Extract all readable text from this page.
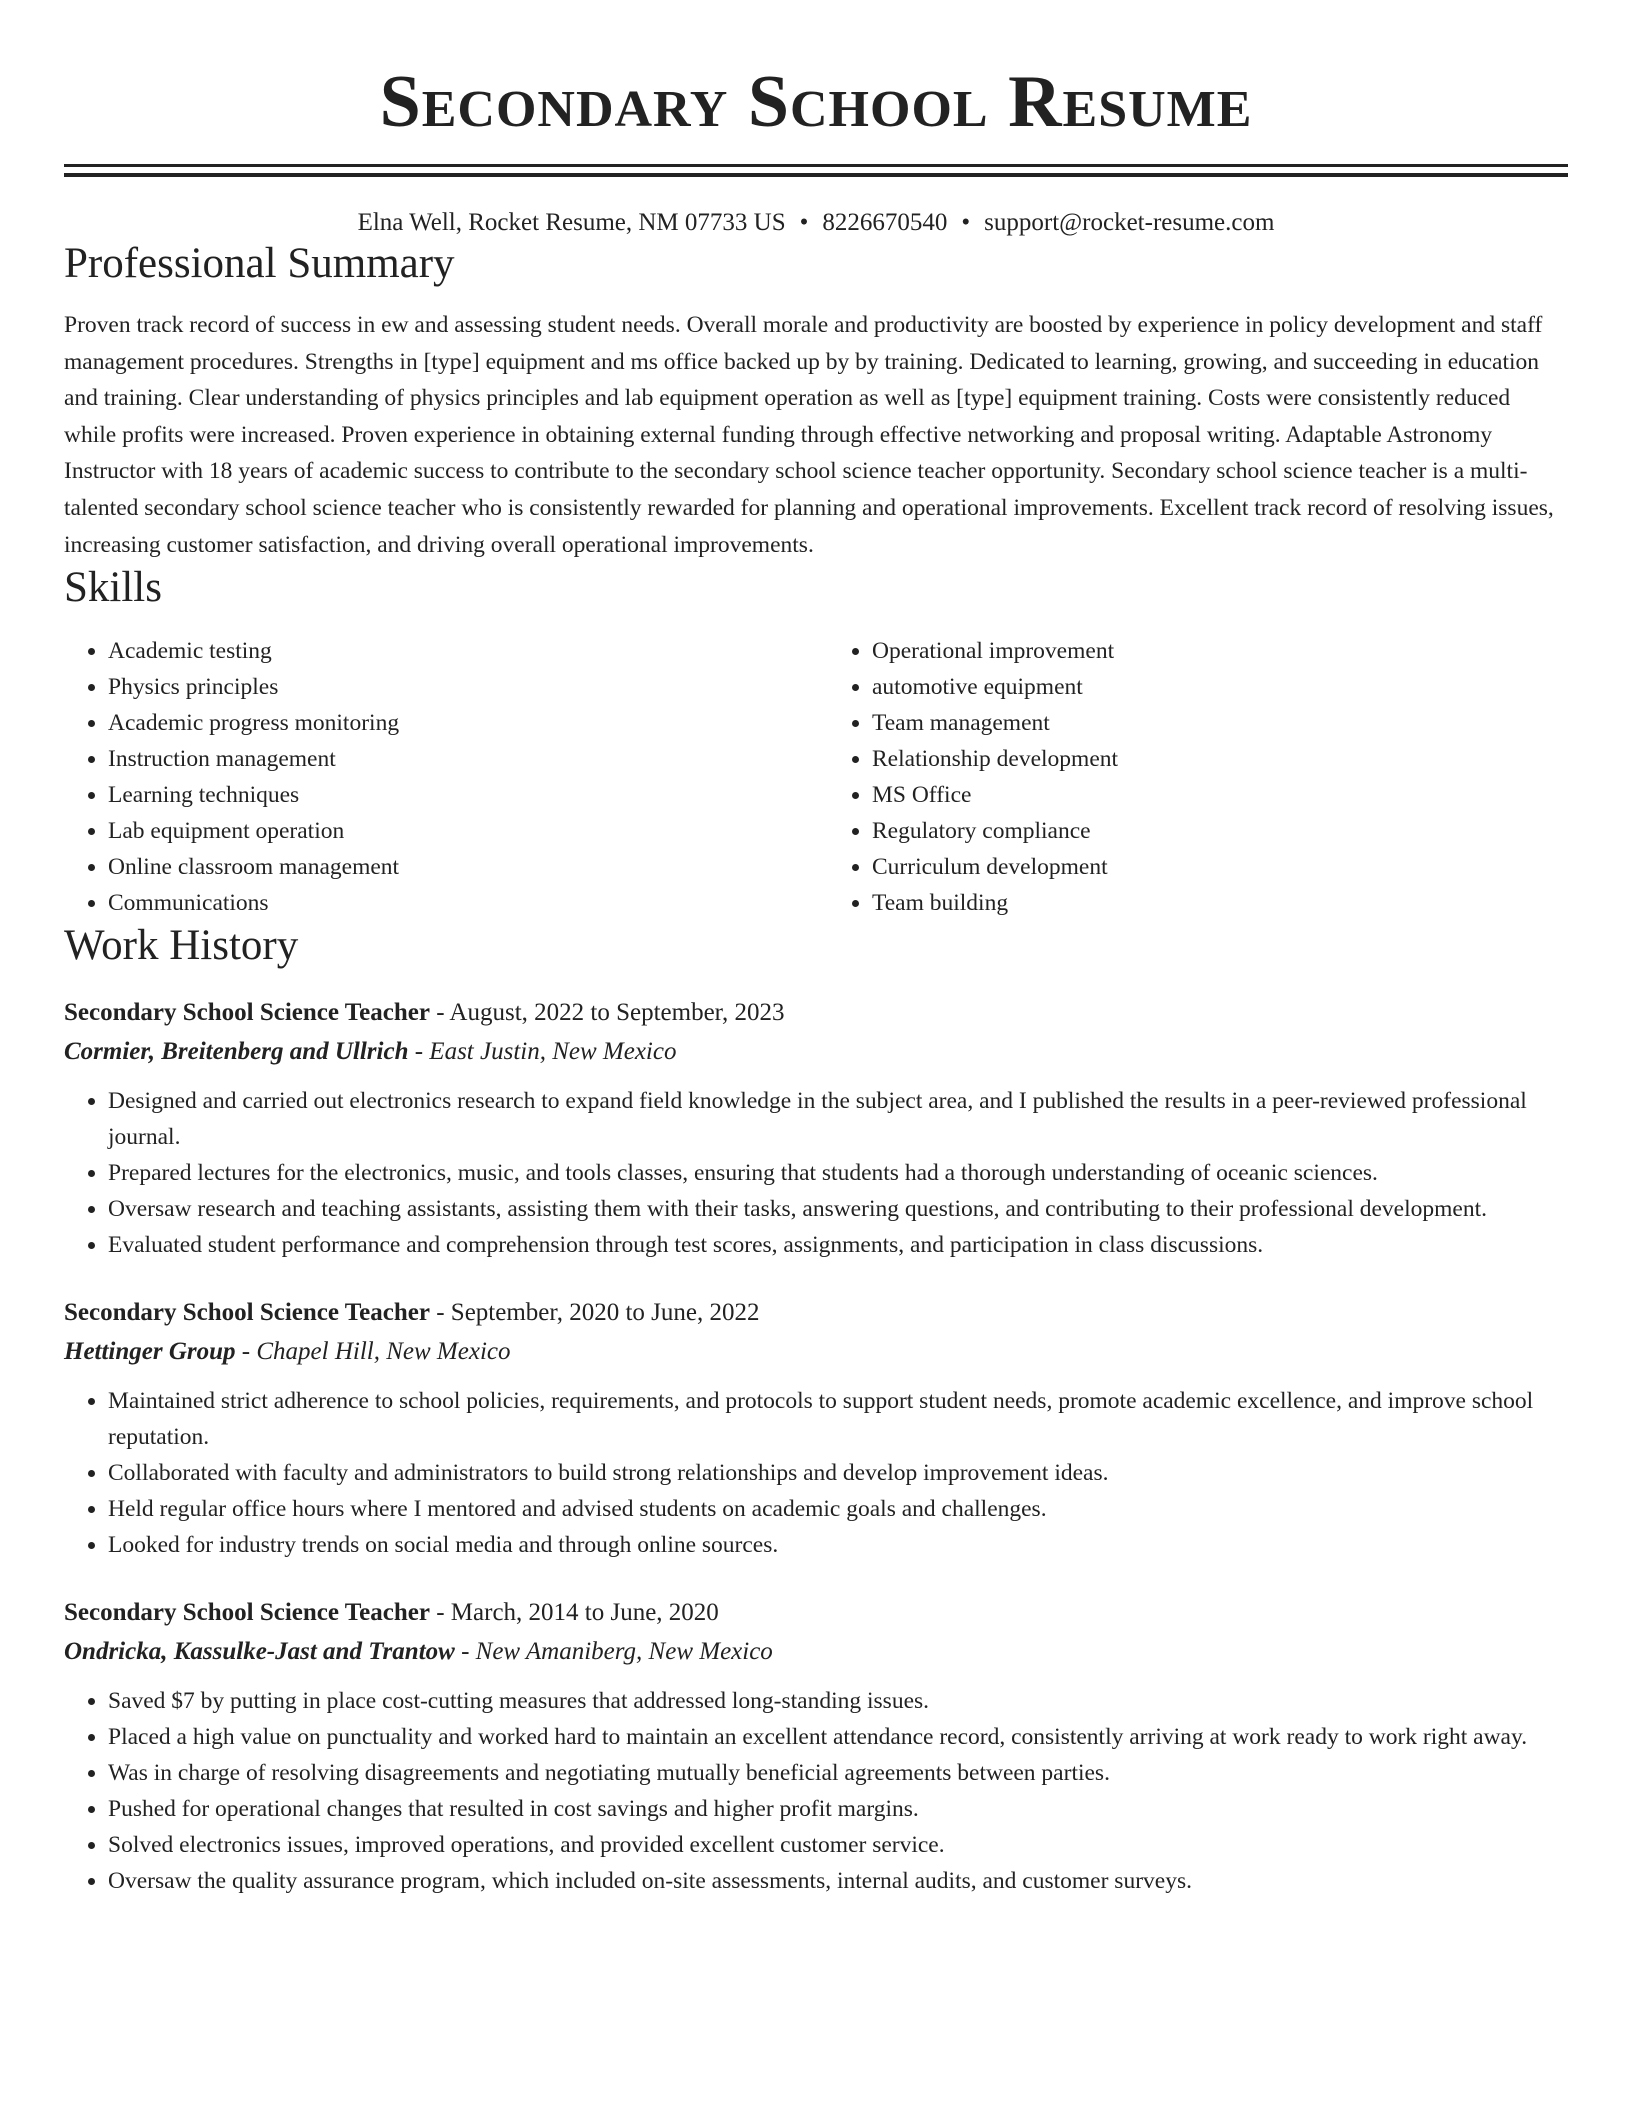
Secondary School Resume
Elna Well, Rocket Resume, NM 07733 US • 8226670540 • support@rocket-resume.com
Professional Summary

Proven track record of success in ew and assessing student needs. Overall morale and productivity are boosted by experience in policy development and staff management procedures. Strengths in [type] equipment and ms office backed up by by training. Dedicated to learning, growing, and succeeding in education and training. Clear understanding of physics principles and lab equipment operation as well as [type] equipment training. Costs were consistently reduced while profits were increased. Proven experience in obtaining external funding through effective networking and proposal writing. Adaptable Astronomy Instructor with 18 years of academic success to contribute to the secondary school science teacher opportunity. Secondary school science teacher is a multi-talented secondary school science teacher who is consistently rewarded for planning and operational improvements. Excellent track record of resolving issues, increasing customer satisfaction, and driving overall operational improvements.

Skills
• Academic testing
• Physics principles
• Academic progress monitoring
• Instruction management
• Learning techniques
• Lab equipment operation
• Online classroom management
• Communications
• Operational improvement
• automotive equipment
• Team management
• Relationship development
• MS Office
• Regulatory compliance
• Curriculum development
• Team building
Work History
Secondary School Science Teacher - August, 2022 to September, 2023
Cormier, Breitenberg and Ullrich - East Justin, New Mexico
• Designed and carried out electronics research to expand field knowledge in the subject area, and I published the results in a peer-reviewed professional journal.
• Prepared lectures for the electronics, music, and tools classes, ensuring that students had a thorough understanding of oceanic sciences.
• Oversaw research and teaching assistants, assisting them with their tasks, answering questions, and contributing to their professional development.
• Evaluated student performance and comprehension through test scores, assignments, and participation in class discussions.
Secondary School Science Teacher - September, 2020 to June, 2022
Hettinger Group - Chapel Hill, New Mexico
• Maintained strict adherence to school policies, requirements, and protocols to support student needs, promote academic excellence, and improve school reputation.
• Collaborated with faculty and administrators to build strong relationships and develop improvement ideas.
• Held regular office hours where I mentored and advised students on academic goals and challenges.
• Looked for industry trends on social media and through online sources.
Secondary School Science Teacher - March, 2014 to June, 2020
Ondricka, Kassulke-Jast and Trantow - New Amaniberg, New Mexico
• Saved $7 by putting in place cost-cutting measures that addressed long-standing issues.
• Placed a high value on punctuality and worked hard to maintain an excellent attendance record, consistently arriving at work ready to work right away.
• Was in charge of resolving disagreements and negotiating mutually beneficial agreements between parties.
• Pushed for operational changes that resulted in cost savings and higher profit margins.
• Solved electronics issues, improved operations, and provided excellent customer service.
• Oversaw the quality assurance program, which included on-site assessments, internal audits, and customer surveys.
